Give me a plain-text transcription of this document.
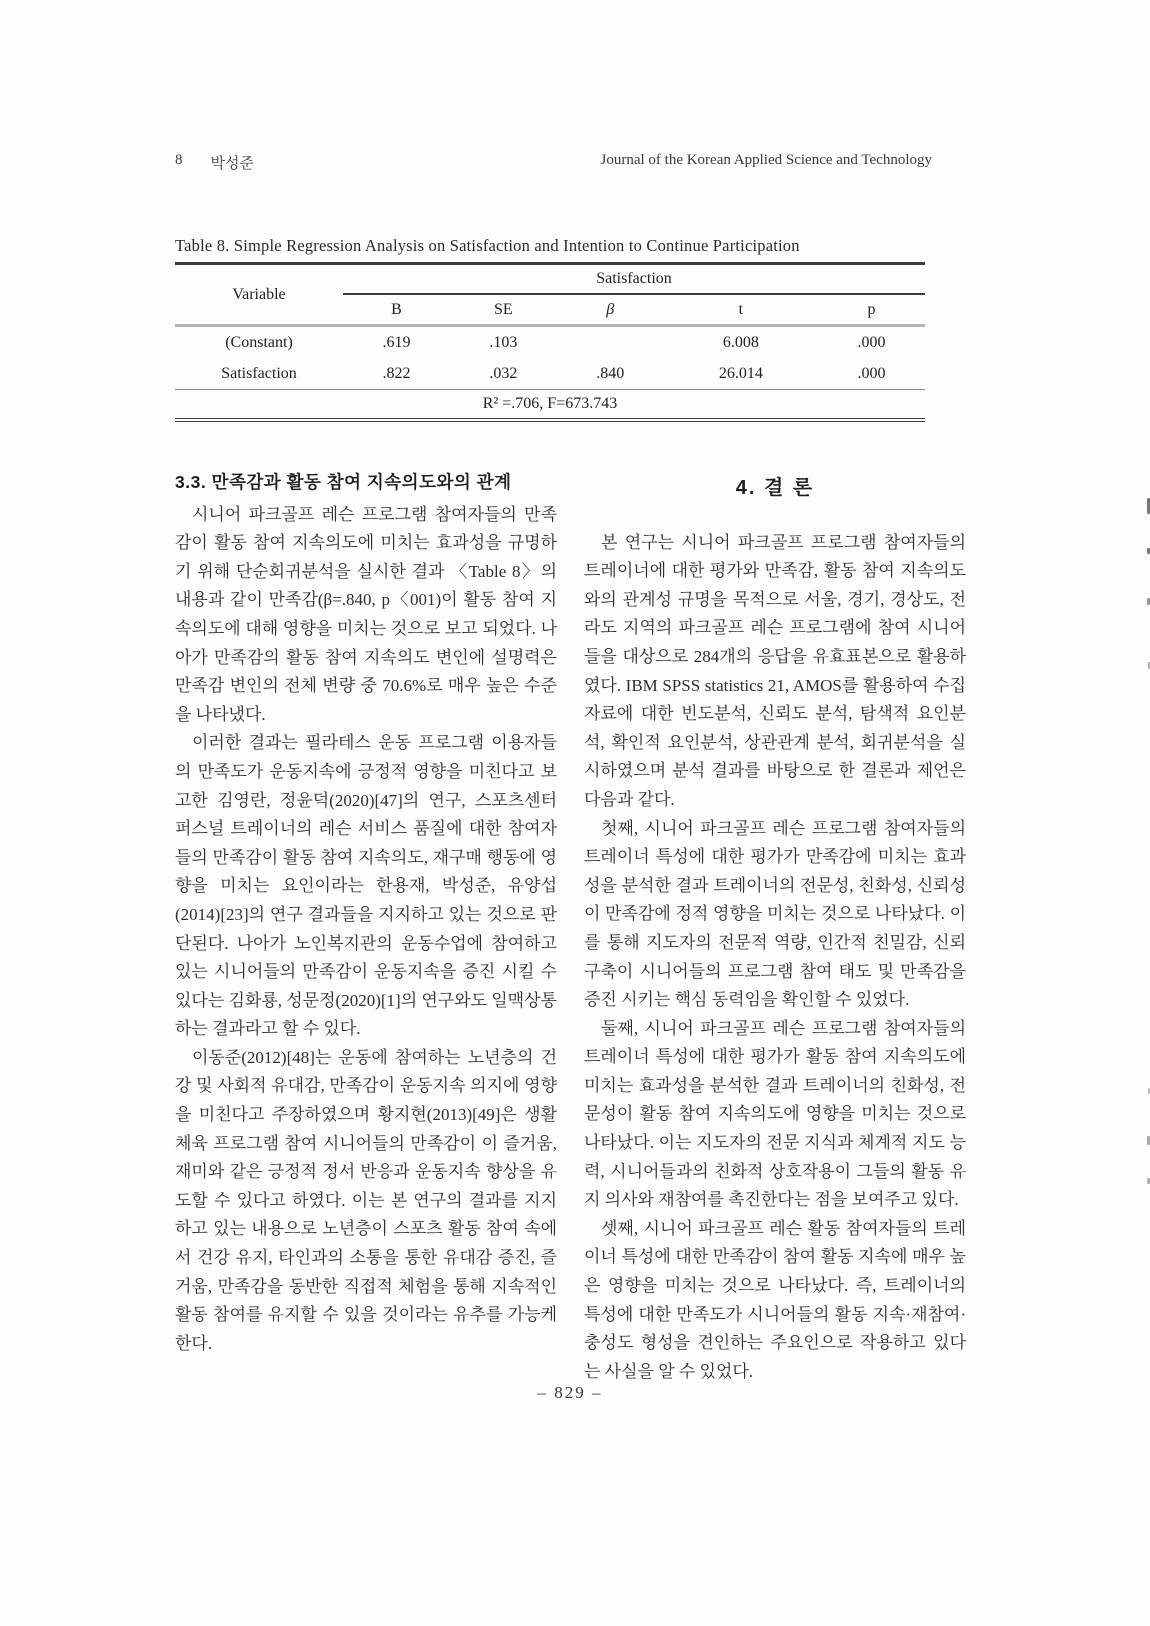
8 박성준	Journal of the Korean Applied Science and Technology
Table 8. Simple Regression Analysis on Satisfaction and Intention to Continue Participation
Variable	Satisfaction				
	B	SE	β	t	p
(Constant)	.619	.103		6.008	.000
Satisfaction	.822	.032	.840	26.014	.000
R² =.706, F=673.743					
3.3. 만족감과 활동 참여 지속의도와의 관계

시니어 파크골프 레슨 프로그램 참여자들의 만족감이 활동 참여 지속의도에 미치는 효과성을 규명하기 위해 단순회귀분석을 실시한 결과 〈Table 8〉의 내용과 같이 만족감(β=.840, p〈001)이 활동 참여 지속의도에 대해 영향을 미치는 것으로 보고 되었다. 나아가 만족감의 활동 참여 지속의도 변인에 설명력은 만족감 변인의 전체 변량 중 70.6%로 매우 높은 수준을 나타냈다.

이러한 결과는 필라테스 운동 프로그램 이용자들의 만족도가 운동지속에 긍정적 영향을 미친다고 보고한 김영란, 정윤덕(2020)[47]의 연구, 스포츠센터 퍼스널 트레이너의 레슨 서비스 품질에 대한 참여자들의 만족감이 활동 참여 지속의도, 재구매 행동에 영향을 미치는 요인이라는 한용재, 박성준, 유양섭(2014)[23]의 연구 결과들을 지지하고 있는 것으로 판단된다. 나아가 노인복지관의 운동수업에 참여하고 있는 시니어들의 만족감이 운동지속을 증진 시킬 수 있다는 김화룡, 성문정(2020)[1]의 연구와도 일맥상통하는 결과라고 할 수 있다.

이동준(2012)[48]는 운동에 참여하는 노년층의 건강 및 사회적 유대감, 만족감이 운동지속 의지에 영향을 미친다고 주장하였으며 황지현(2013)[49]은 생활체육 프로그램 참여 시니어들의 만족감이 이 즐거움, 재미와 같은 긍정적 정서 반응과 운동지속 향상을 유도할 수 있다고 하였다. 이는 본 연구의 결과를 지지하고 있는 내용으로 노년층이 스포츠 활동 참여 속에서 건강 유지, 타인과의 소통을 통한 유대감 증진, 즐거움, 만족감을 동반한 직접적 체험을 통해 지속적인 활동 참여를 유지할 수 있을 것이라는 유추를 가능케 한다.

4. 결 론

본 연구는 시니어 파크골프 프로그램 참여자들의 트레이너에 대한 평가와 만족감, 활동 참여 지속의도와의 관계성 규명을 목적으로 서울, 경기, 경상도, 전라도 지역의 파크골프 레슨 프로그램에 참여 시니어들을 대상으로 284개의 응답을 유효표본으로 활용하였다. IBM SPSS statistics 21, AMOS를 활용하여 수집자료에 대한 빈도분석, 신뢰도 분석, 탐색적 요인분석, 확인적 요인분석, 상관관계 분석, 회귀분석을 실시하였으며 분석 결과를 바탕으로 한 결론과 제언은 다음과 같다.

첫째, 시니어 파크골프 레슨 프로그램 참여자들의 트레이너 특성에 대한 평가가 만족감에 미치는 효과성을 분석한 결과 트레이너의 전문성, 친화성, 신뢰성이 만족감에 정적 영향을 미치는 것으로 나타났다. 이를 통해 지도자의 전문적 역량, 인간적 친밀감, 신뢰 구축이 시니어들의 프로그램 참여 태도 및 만족감을 증진 시키는 핵심 동력임을 확인할 수 있었다.

둘째, 시니어 파크골프 레슨 프로그램 참여자들의 트레이너 특성에 대한 평가가 활동 참여 지속의도에 미치는 효과성을 분석한 결과 트레이너의 친화성, 전문성이 활동 참여 지속의도에 영향을 미치는 것으로 나타났다. 이는 지도자의 전문 지식과 체계적 지도 능력, 시니어들과의 친화적 상호작용이 그들의 활동 유지 의사와 재참여를 촉진한다는 점을 보여주고 있다.

셋째, 시니어 파크골프 레슨 활동 참여자들의 트레이너 특성에 대한 만족감이 참여 활동 지속에 매우 높은 영향을 미치는 것으로 나타났다. 즉, 트레이너의 특성에 대한 만족도가 시니어들의 활동 지속·재참여·충성도 형성을 견인하는 주요인으로 작용하고 있다는 사실을 알 수 있었다.

– 829 –
